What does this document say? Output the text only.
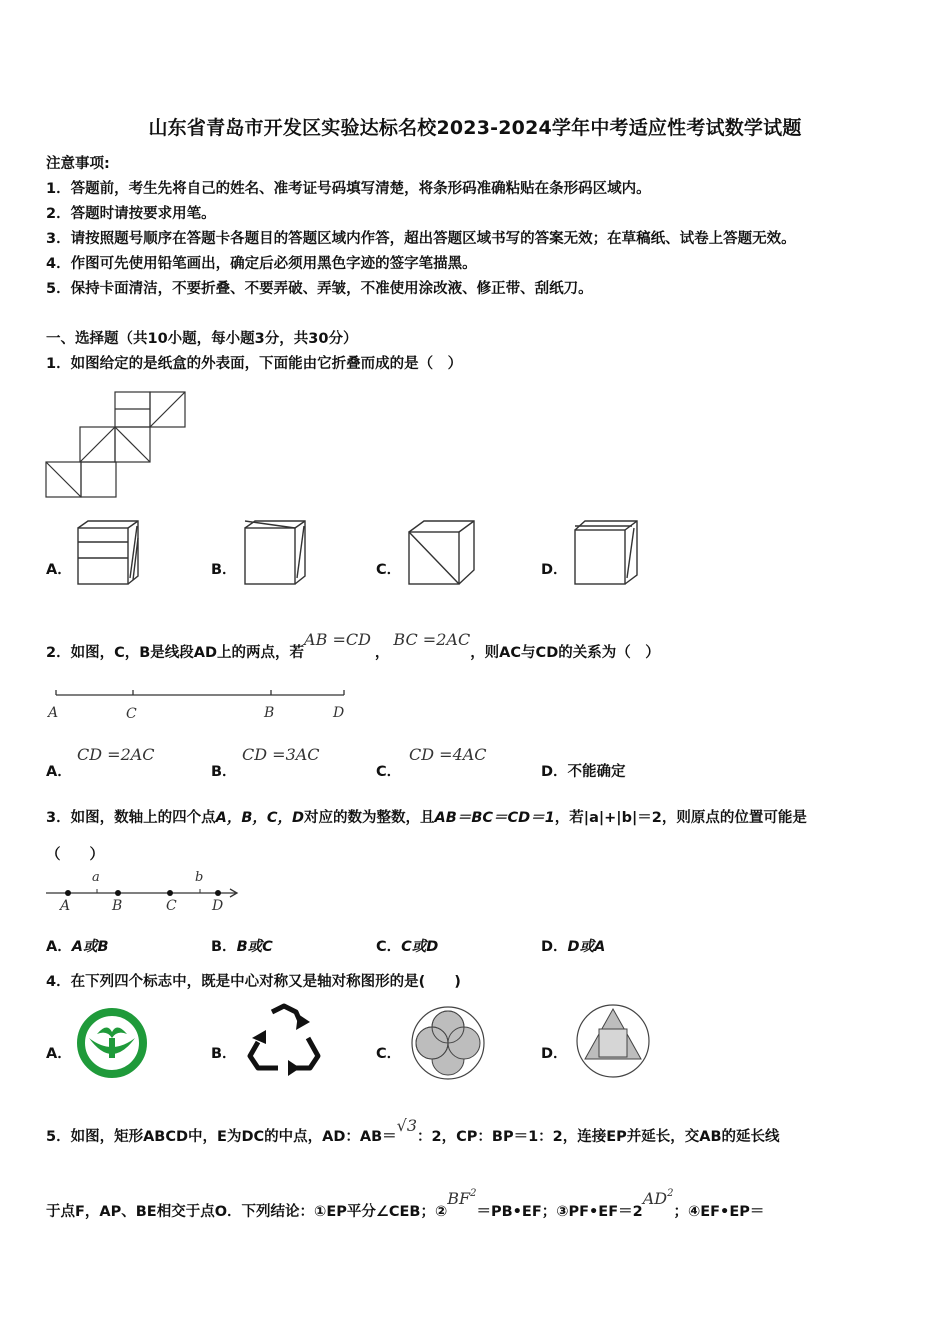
山东省青岛市开发区实验达标名校2023-2024学年中考适应性考试数学试题
注意事项:
1．答题前，考生先将自己的姓名、准考证号码填写清楚，将条形码准确粘贴在条形码区域内。
2．答题时请按要求用笔。
3．请按照题号顺序在答题卡各题目的答题区域内作答，超出答题区域书写的答案无效；在草稿纸、试卷上答题无效。
4．作图可先使用铅笔画出，确定后必须用黑色字迹的签字笔描黑。
5．保持卡面清洁，不要折叠、不要弄破、弄皱，不准使用涂改液、修正带、刮纸刀。
一、选择题（共10小题，每小题3分，共30分）
1．如图给定的是纸盒的外表面，下面能由它折叠而成的是（　）
A．	B．	C．	D．
2．如图，C，B是线段AD上的两点，若AB =CD，BC =2AC，则AC与CD的关系为（　）
A	C	B	D
A．
CD =2AC
B．
CD =3AC
C．
CD =4AC
D．不能确定
3．如图，数轴上的四个点A，B，C，D对应的数为整数，且AB＝BC＝CD＝1，若|a|+|b|＝2，则原点的位置可能是
（　　）
A	B	C	D
a	b
A．A或B	B．B或C	C．C或D	D．D或A
4．在下列四个标志中，既是中心对称又是轴对称图形的是(　　)
A．	B．	C．	D．
5．如图，矩形ABCD中，E为DC的中点，AD：AB＝√3：2，CP：BP＝1：2，连接EP并延长，交AB的延长线
于点F，AP、BE相交于点O．下列结论：①EP平分∠CEB；$②BF^2=PB•EF$；$③PF•EF=2AD^2$；④EF•EP＝
